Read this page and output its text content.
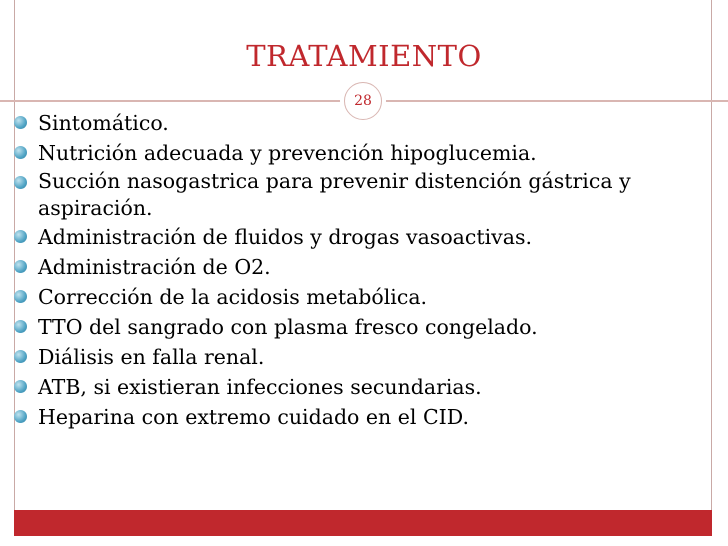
TRATAMIENTO
28
Sintomático.
Nutrición adecuada y prevención hipoglucemia.
Succión nasogastrica para prevenir distención gástrica y aspiración.
Administración de fluidos y drogas vasoactivas.
Administración de O2.
Corrección de la acidosis metabólica.
TTO del sangrado con plasma fresco congelado.
Diálisis en falla renal.
ATB, si existieran infecciones secundarias.
Heparina con extremo cuidado en el CID.
